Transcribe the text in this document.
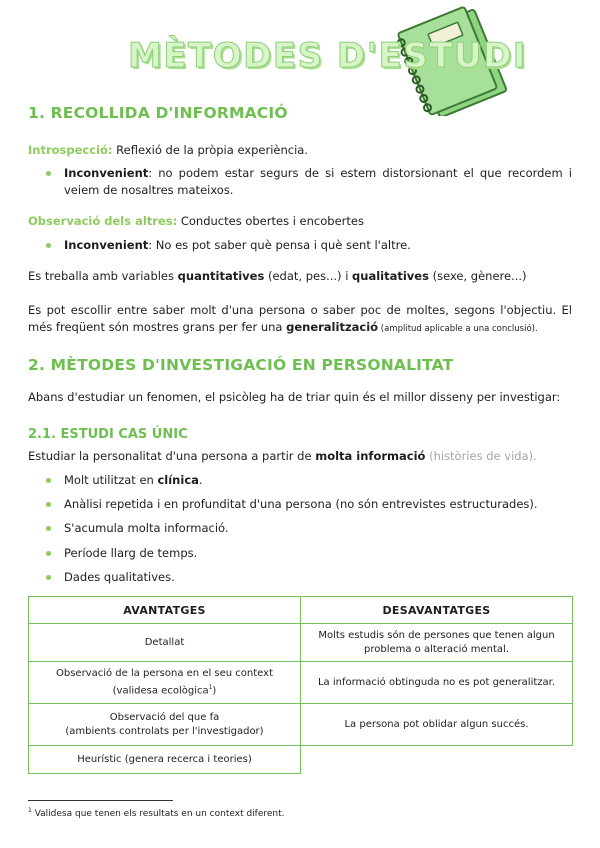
MÈTODES D'ESTUDI
1. RECOLLIDA D'INFORMACIÓ
Introspecció: Reflexió de la pròpia experiència.
Inconvenient: no podem estar segurs de si estem distorsionant el que recordem i veiem de nosaltres mateixos.
Observació dels altres: Conductes obertes i encobertes
Inconvenient: No es pot saber què pensa i què sent l'altre.
Es treballa amb variables quantitatives (edat, pes...) i qualitatives (sexe, gènere...)
Es pot escollir entre saber molt d'una persona o saber poc de moltes, segons l'objectiu. El més freqüent són mostres grans per fer una generalització (amplitud aplicable a una conclusió).
2. MÈTODES D'INVESTIGACIÓ EN PERSONALITAT
Abans d'estudiar un fenomen, el psicòleg ha de triar quin és el millor disseny per investigar:
2.1. ESTUDI CAS ÚNIC
Estudiar la personalitat d'una persona a partir de molta informació (històries de vida).
Molt utilitzat en clínica.
Anàlisi repetida i en profunditat d'una persona (no són entrevistes estructurades).
S'acumula molta informació.
Període llarg de temps.
Dades qualitatives.
AVANTATGES	DESAVANTATGES
Detallat	Molts estudis són de persones que tenen algun problema o alteració mental.
Observació de la persona en el seu context
(validesa ecològica$^1$)	La informació obtinguda no es pot generalitzar.
Observació del que fa
(ambients controlats per l'investigador)	La persona pot oblidar algun succés.
Heurístic (genera recerca i teories)	
$^1$ Validesa que tenen els resultats en un context diferent.
